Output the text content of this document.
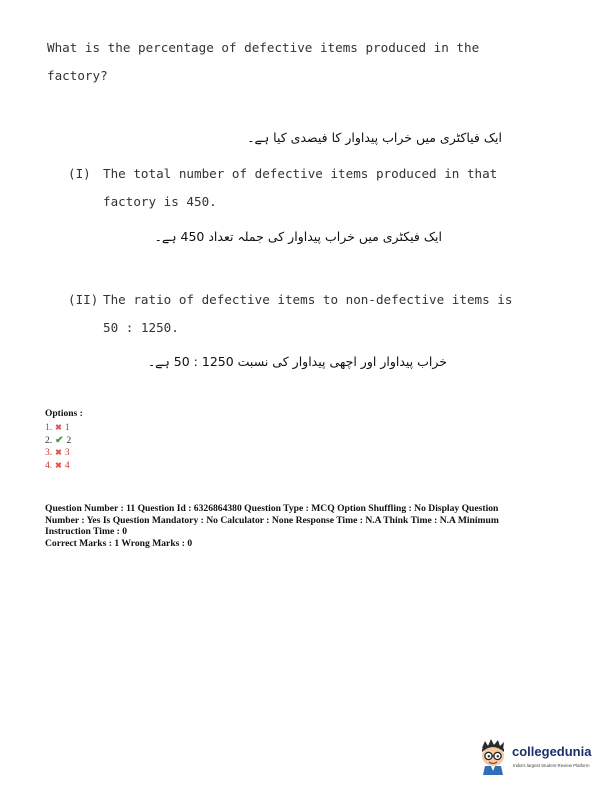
What is the percentage of defective items produced in the
factory?
ایک فیاکٹری میں خراب پیداوار کا فیصدی کیا ہے۔
(I) The total number of defective items produced in that
factory is 450.
ایک فیکٹری میں خراب پیداوار کی جملہ تعداد 450 ہے۔
(II) The ratio of defective items to non-defective items is
50 : 1250.
خراب پیداوار اور اچھی پیداوار کی نسبت 1250 : 50 ہے۔
Options :
1. ✖ 1
2. ✔ 2
3. ✖ 3
4. ✖ 4

Question Number : 11 Question Id : 6326864380 Question Type : MCQ Option Shuffling : No Display Question

Number : Yes Is Question Mandatory : No Calculator : None Response Time : N.A Think Time : N.A Minimum

Instruction Time : 0

Correct Marks : 1 Wrong Marks : 0

collegedunia
India's largest Student Review Platform
